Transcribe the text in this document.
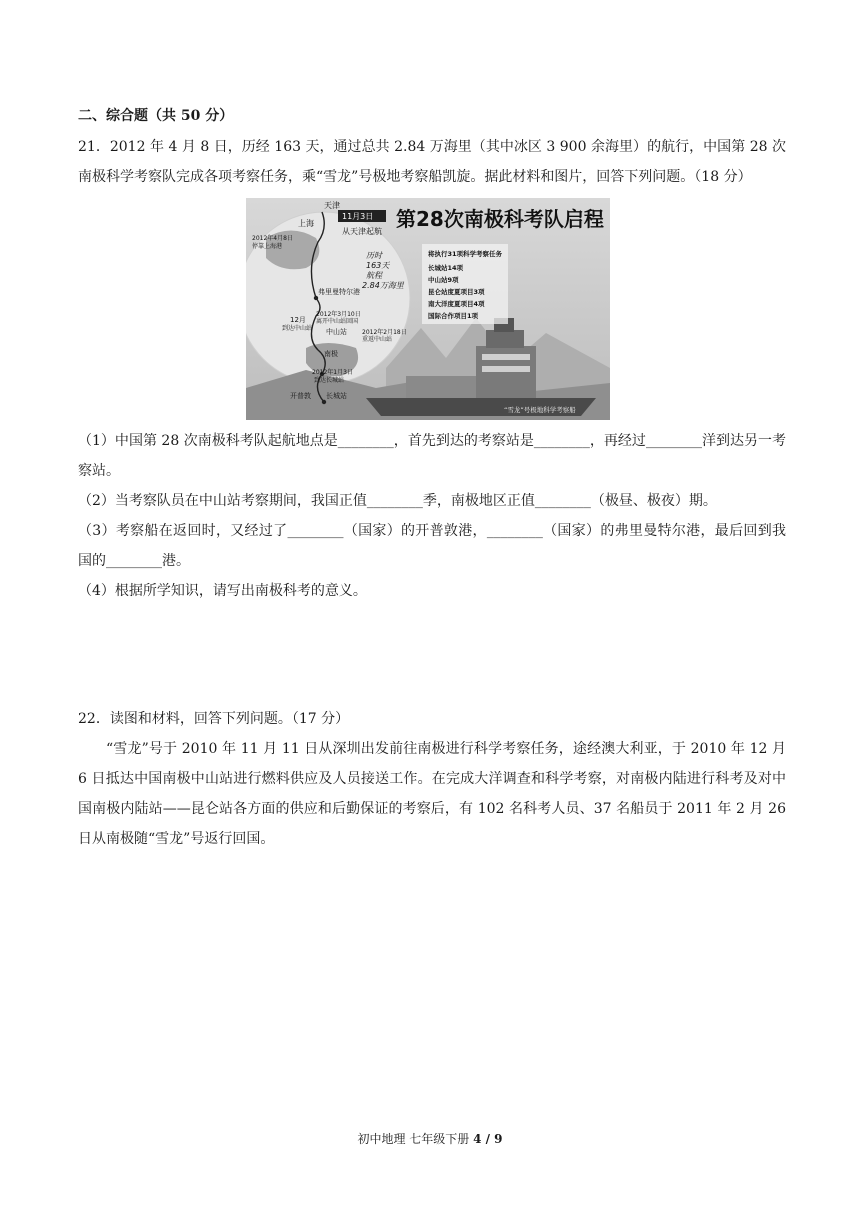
二、综合题（共 50 分）

21．2012 年 4 月 8 日，历经 163 天，通过总共 2.84 万海里（其中冰区 3 900 余海里）的航行，中国第 28 次南极科学考察队完成各项考察任务，乘“雪龙”号极地考察船凯旋。据此材料和图片，回答下列问题。（18 分）

第28次南极科考队启程
11月3日
天津
上海
从天津起航
2012年4月8日
停靠上海港
弗里曼特尔港
12月
到达中山站
2012年3月10日
离开中山站回国
中山站	2012年2月18日
重返中山站
南极
2012年1月3日
到达长城站
开普敦 长城站
历时
163天
航程
2.84万海里
将执行31项科学考察任务
长城站14项
中山站9项
昆仑站度夏项目3项
南大洋度夏项目4项
国际合作项目1项
“雪龙”号极地科学考察船

（1）中国第 28 次南极科考队起航地点是________，首先到达的考察站是________，再经过________洋到达另一考察站。

（2）当考察队员在中山站考察期间，我国正值________季，南极地区正值________（极昼、极夜）期。

（3）考察船在返回时，又经过了________（国家）的开普敦港，________（国家）的弗里曼特尔港，最后回到我国的________港。

（4）根据所学知识，请写出南极科考的意义。

22．读图和材料，回答下列问题。（17 分）

“雪龙”号于 2010 年 11 月 11 日从深圳出发前往南极进行科学考察任务，途经澳大利亚，于 2010 年 12 月 6 日抵达中国南极中山站进行燃料供应及人员接送工作。在完成大洋调查和科学考察，对南极内陆进行科考及对中国南极内陆站——昆仑站各方面的供应和后勤保证的考察后，有 102 名科考人员、37 名船员于 2011 年 2 月 26 日从南极随“雪龙”号返行回国。

初中地理 七年级下册 4 / 9
